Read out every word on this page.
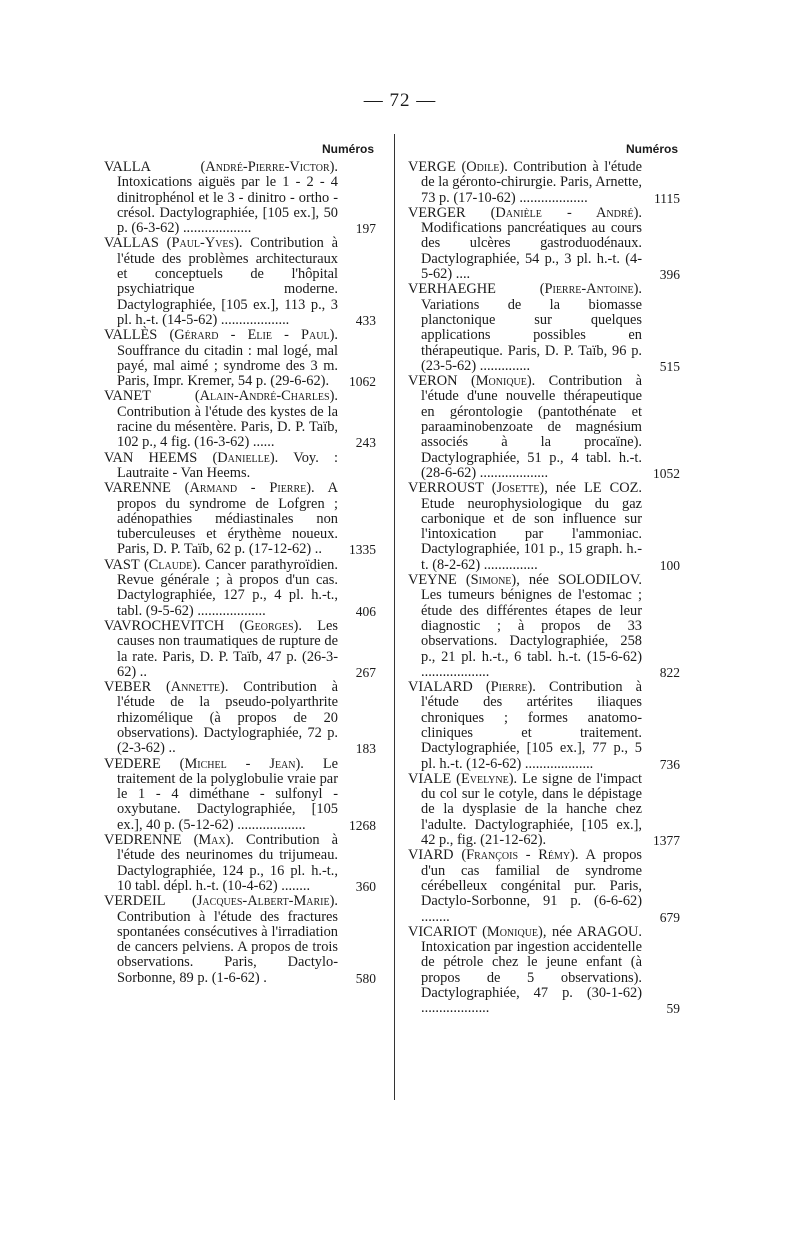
— 72 —
Numéros
VALLA (André-Pierre-Victor). Intoxications aiguës par le 1 - 2 - 4 dinitrophénol et le 3 - dinitro - ortho - crésol. Dactylographiée, [105 ex.], 50 p. (6-3-62) ...................	197
VALLAS (Paul-Yves). Contribution à l'étude des problèmes architecturaux et conceptuels de l'hôpital psychiatrique moderne. Dactylographiée, [105 ex.], 113 p., 3 pl. h.-t. (14-5-62) ...................	433
VALLÈS (Gérard - Elie - Paul). Souffrance du citadin : mal logé, mal payé, mal aimé ; syndrome des 3 m. Paris, Impr. Kremer, 54 p. (29-6-62).	1062
VANET (Alain-André-Charles). Contribution à l'étude des kystes de la racine du mésentère. Paris, D. P. Taïb, 102 p., 4 fig. (16-3-62) ......	243
VAN HEEMS (Danielle). Voy. : Lautraite - Van Heems.
VARENNE (Armand - Pierre). A propos du syndrome de Lofgren ; adénopathies médiastinales non tuberculeuses et érythème noueux. Paris, D. P. Taïb, 62 p. (17-12-62) ..	1335
VAST (Claude). Cancer parathyroïdien. Revue générale ; à propos d'un cas. Dactylographiée, 127 p., 4 pl. h.-t., tabl. (9-5-62) ...................	406
VAVROCHEVITCH (Georges). Les causes non traumatiques de rupture de la rate. Paris, D. P. Taïb, 47 p. (26-3-62) ..	267
VEBER (Annette). Contribution à l'étude de la pseudo-polyarthrite rhizomélique (à propos de 20 observations). Dactylographiée, 72 p. (2-3-62) ..	183
VEDERE (Michel - Jean). Le traitement de la polyglobulie vraie par le 1 - 4 diméthane - sulfonyl - oxybutane. Dactylographiée, [105 ex.], 40 p. (5-12-62) ...................	1268
VEDRENNE (Max). Contribution à l'étude des neurinomes du trijumeau. Dactylographiée, 124 p., 16 pl. h.-t., 10 tabl. dépl. h.-t. (10-4-62) ........	360
VERDEIL (Jacques-Albert-Marie). Contribution à l'étude des fractures spontanées consécutives à l'irradiation de cancers pelviens. A propos de trois observations. Paris, Dactylo-Sorbonne, 89 p. (1-6-62) .	580
Numéros
VERGE (Odile). Contribution à l'étude de la géronto-chirurgie. Paris, Arnette, 73 p. (17-10-62) ...................	1115
VERGER (Danièle - André). Modifications pancréatiques au cours des ulcères gastroduodénaux. Dactylographiée, 54 p., 3 pl. h.-t. (4-5-62) ....	396
VERHAEGHE (Pierre-Antoine). Variations de la biomasse planctonique sur quelques applications possibles en thérapeutique. Paris, D. P. Taïb, 96 p. (23-5-62) ..............	515
VERON (Monique). Contribution à l'étude d'une nouvelle thérapeutique en gérontologie (pantothénate et paraaminobenzoate de magnésium associés à la procaïne). Dactylographiée, 51 p., 4 tabl. h.-t. (28-6-62) ...................	1052
VERROUST (Josette), née LE COZ. Etude neurophysiologique du gaz carbonique et de son influence sur l'intoxication par l'ammoniac. Dactylographiée, 101 p., 15 graph. h.-t. (8-2-62) ...............	100
VEYNE (Simone), née SOLODILOV. Les tumeurs bénignes de l'estomac ; étude des différentes étapes de leur diagnostic ; à propos de 33 observations. Dactylographiée, 258 p., 21 pl. h.-t., 6 tabl. h.-t. (15-6-62) ...................	822
VIALARD (Pierre). Contribution à l'étude des artérites iliaques chroniques ; formes anatomo-cliniques et traitement. Dactylographiée, [105 ex.], 77 p., 5 pl. h.-t. (12-6-62) ...................	736
VIALE (Evelyne). Le signe de l'impact du col sur le cotyle, dans le dépistage de la dysplasie de la hanche chez l'adulte. Dactylographiée, [105 ex.], 42 p., fig. (21-12-62).	1377
VIARD (François - Rémy). A propos d'un cas familial de syndrome cérébelleux congénital pur. Paris, Dactylo-Sorbonne, 91 p. (6-6-62) ........	679
VICARIOT (Monique), née ARAGOU. Intoxication par ingestion accidentelle de pétrole chez le jeune enfant (à propos de 5 observations). Dactylographiée, 47 p. (30-1-62) ...................	59
